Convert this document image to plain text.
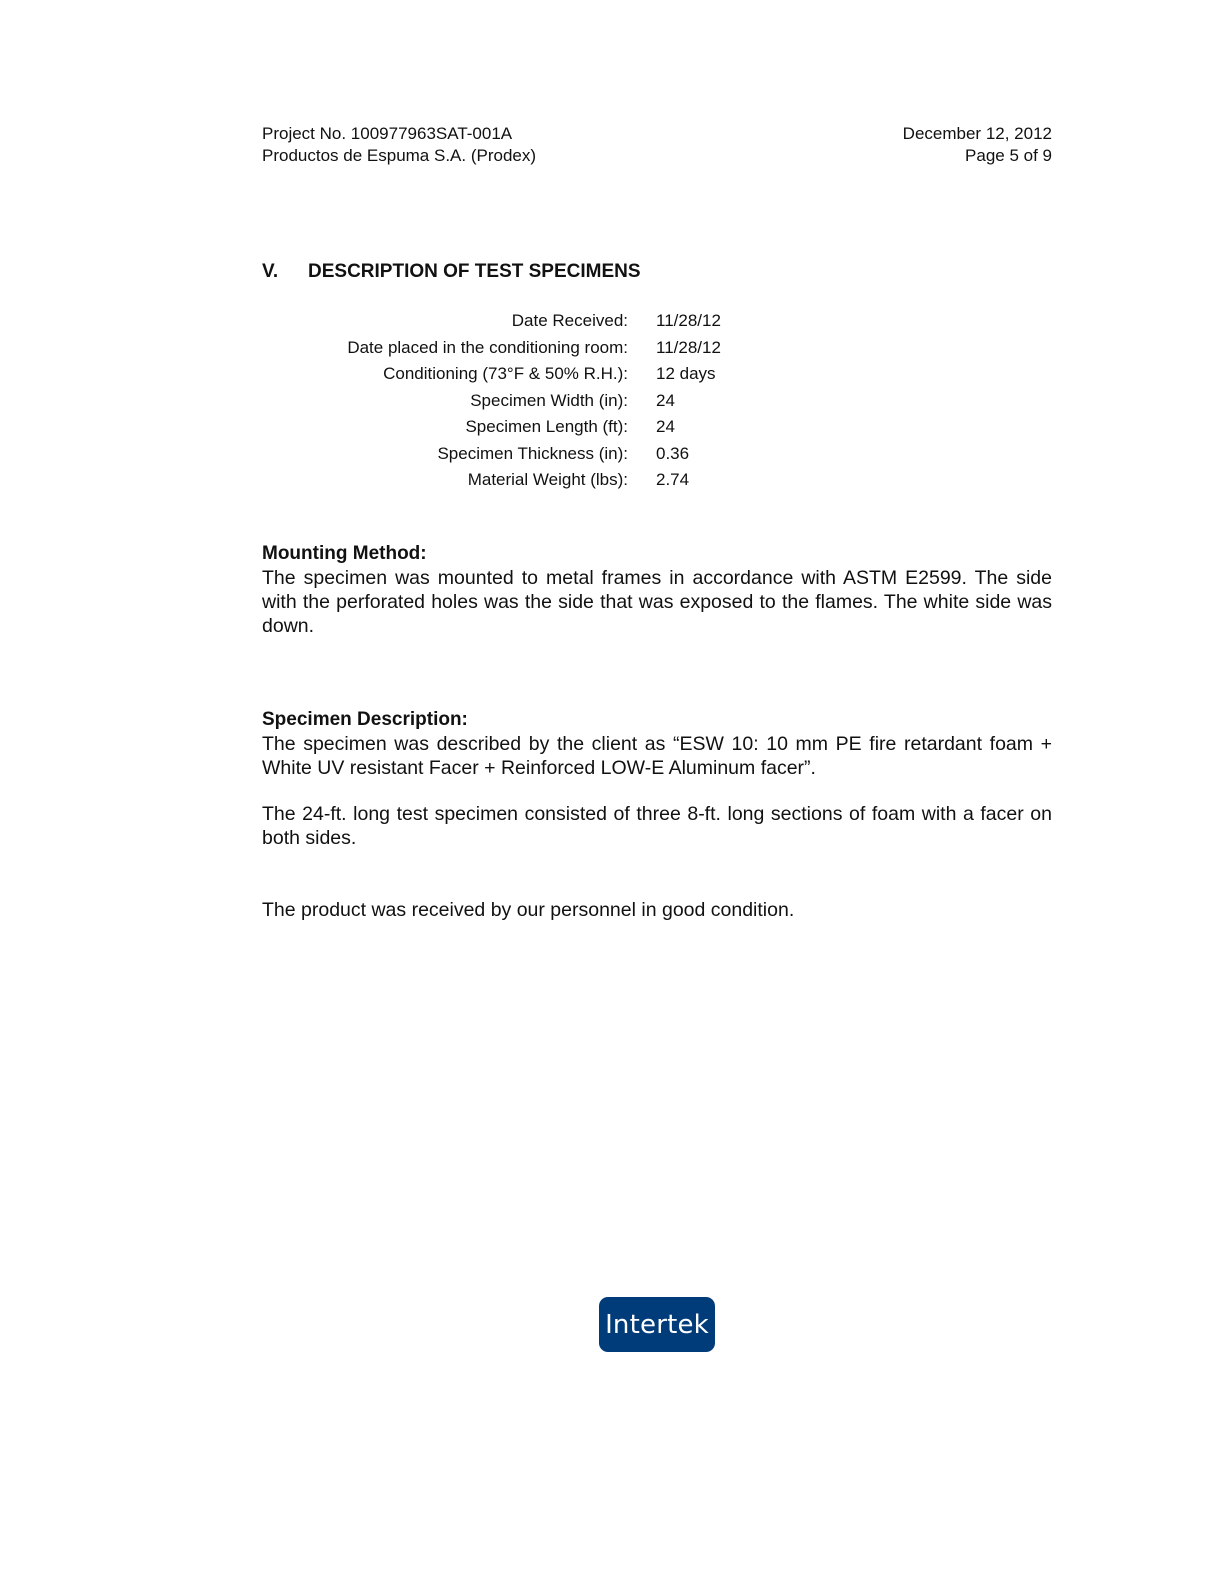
Project No. 100977963SAT-001A
Productos de Espuma S.A. (Prodex)
December 12, 2012
Page 5 of 9
V.	DESCRIPTION OF TEST SPECIMENS
Date Received:	11/28/12
Date placed in the conditioning room:	11/28/12
Conditioning (73°F & 50% R.H.):	12 days
Specimen Width (in):	24
Specimen Length (ft):	24
Specimen Thickness (in):	0.36
Material Weight (lbs):	2.74
Mounting Method:
The specimen was mounted to metal frames in accordance with ASTM E2599. The side with the perforated holes was the side that was exposed to the flames. The white side was down.
Specimen Description:
The specimen was described by the client as “ESW 10: 10 mm PE fire retardant foam + White UV resistant Facer + Reinforced LOW-E Aluminum facer”.
The 24-ft. long test specimen consisted of three 8-ft. long sections of foam with a facer on both sides.
The product was received by our personnel in good condition.
Intertek
